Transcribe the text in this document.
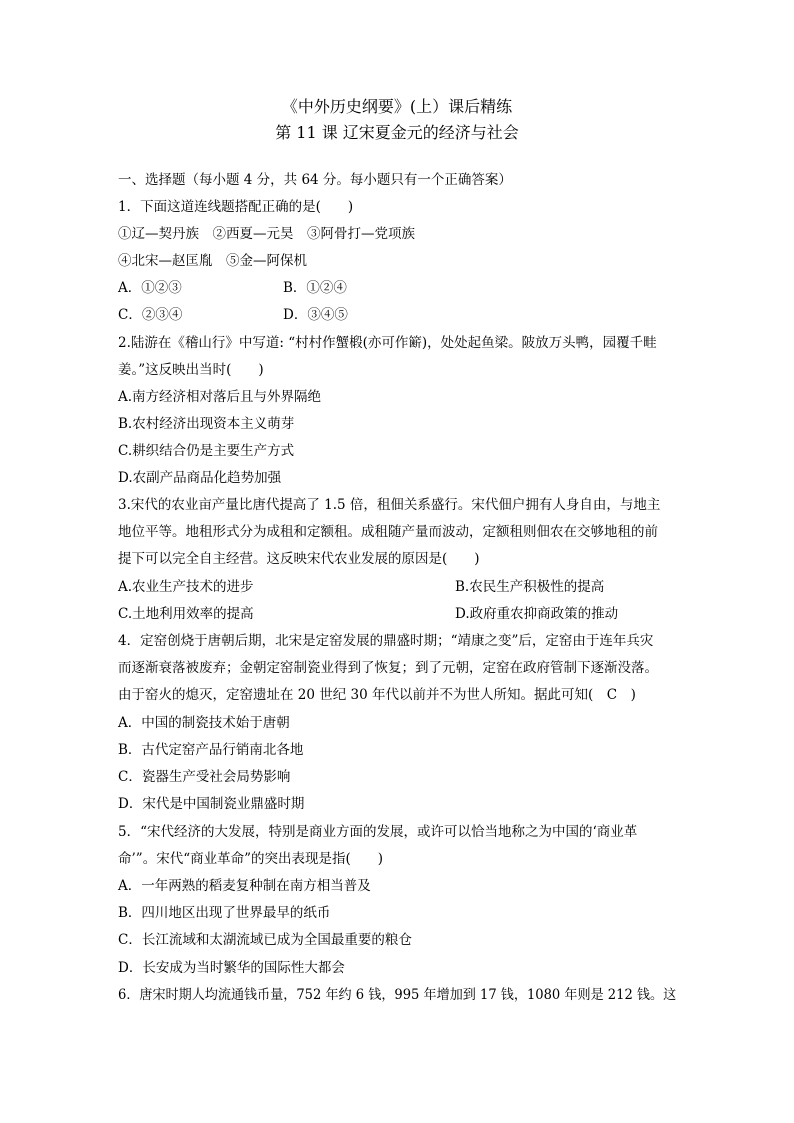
《中外历史纲要》(上）课后精练
第 11 课 辽宋夏金元的经济与社会
一、选择题（每小题 4 分，共 64 分。每小题只有一个正确答案）
1．下面这道连线题搭配正确的是(　　)
①辽—契丹族　②西夏—元昊　③阿骨打—党项族
④北宋—赵匡胤　⑤金—阿保机
A．①②③	B．①②④
C．②③④	D．③④⑤
2.陆游在《稽山行》中写道: “村村作蟹椴(亦可作簖)，处处起鱼梁。陂放万头鸭，园覆千畦
姜。”这反映出当时(　　)
A.南方经济相对落后且与外界隔绝
B.农村经济出现资本主义萌芽
C.耕织结合仍是主要生产方式
D.农副产品商品化趋势加强
3.宋代的农业亩产量比唐代提高了 1.5 倍，租佃关系盛行。宋代佃户拥有人身自由，与地主
地位平等。地租形式分为成租和定额租。成租随产量而波动，定额租则佃农在交够地租的前
提下可以完全自主经营。这反映宋代农业发展的原因是(　　)
A.农业生产技术的进步	B.农民生产积极性的提高
C.土地利用效率的提高	D.政府重农抑商政策的推动
4．定窑创烧于唐朝后期，北宋是定窑发展的鼎盛时期；“靖康之变”后，定窑由于连年兵灾
而逐渐衰落被废弃；金朝定窑制瓷业得到了恢复；到了元朝，定窑在政府管制下逐渐没落。
由于窑火的熄灭，定窑遗址在 20 世纪 30 年代以前并不为世人所知。据此可知(　C　)
A．中国的制瓷技术始于唐朝
B．古代定窑产品行销南北各地
C．瓷器生产受社会局势影响
D．宋代是中国制瓷业鼎盛时期
5．“宋代经济的大发展，特别是商业方面的发展，或许可以恰当地称之为中国的‘商业革
命’”。宋代“商业革命”的突出表现是指(　　)
A．一年两熟的稻麦复种制在南方相当普及
B．四川地区出现了世界最早的纸币
C．长江流域和太湖流域已成为全国最重要的粮仓
D．长安成为当时繁华的国际性大都会
6．唐宋时期人均流通钱币量，752 年约 6 钱，995 年增加到 17 钱，1080 年则是 212 钱。这
